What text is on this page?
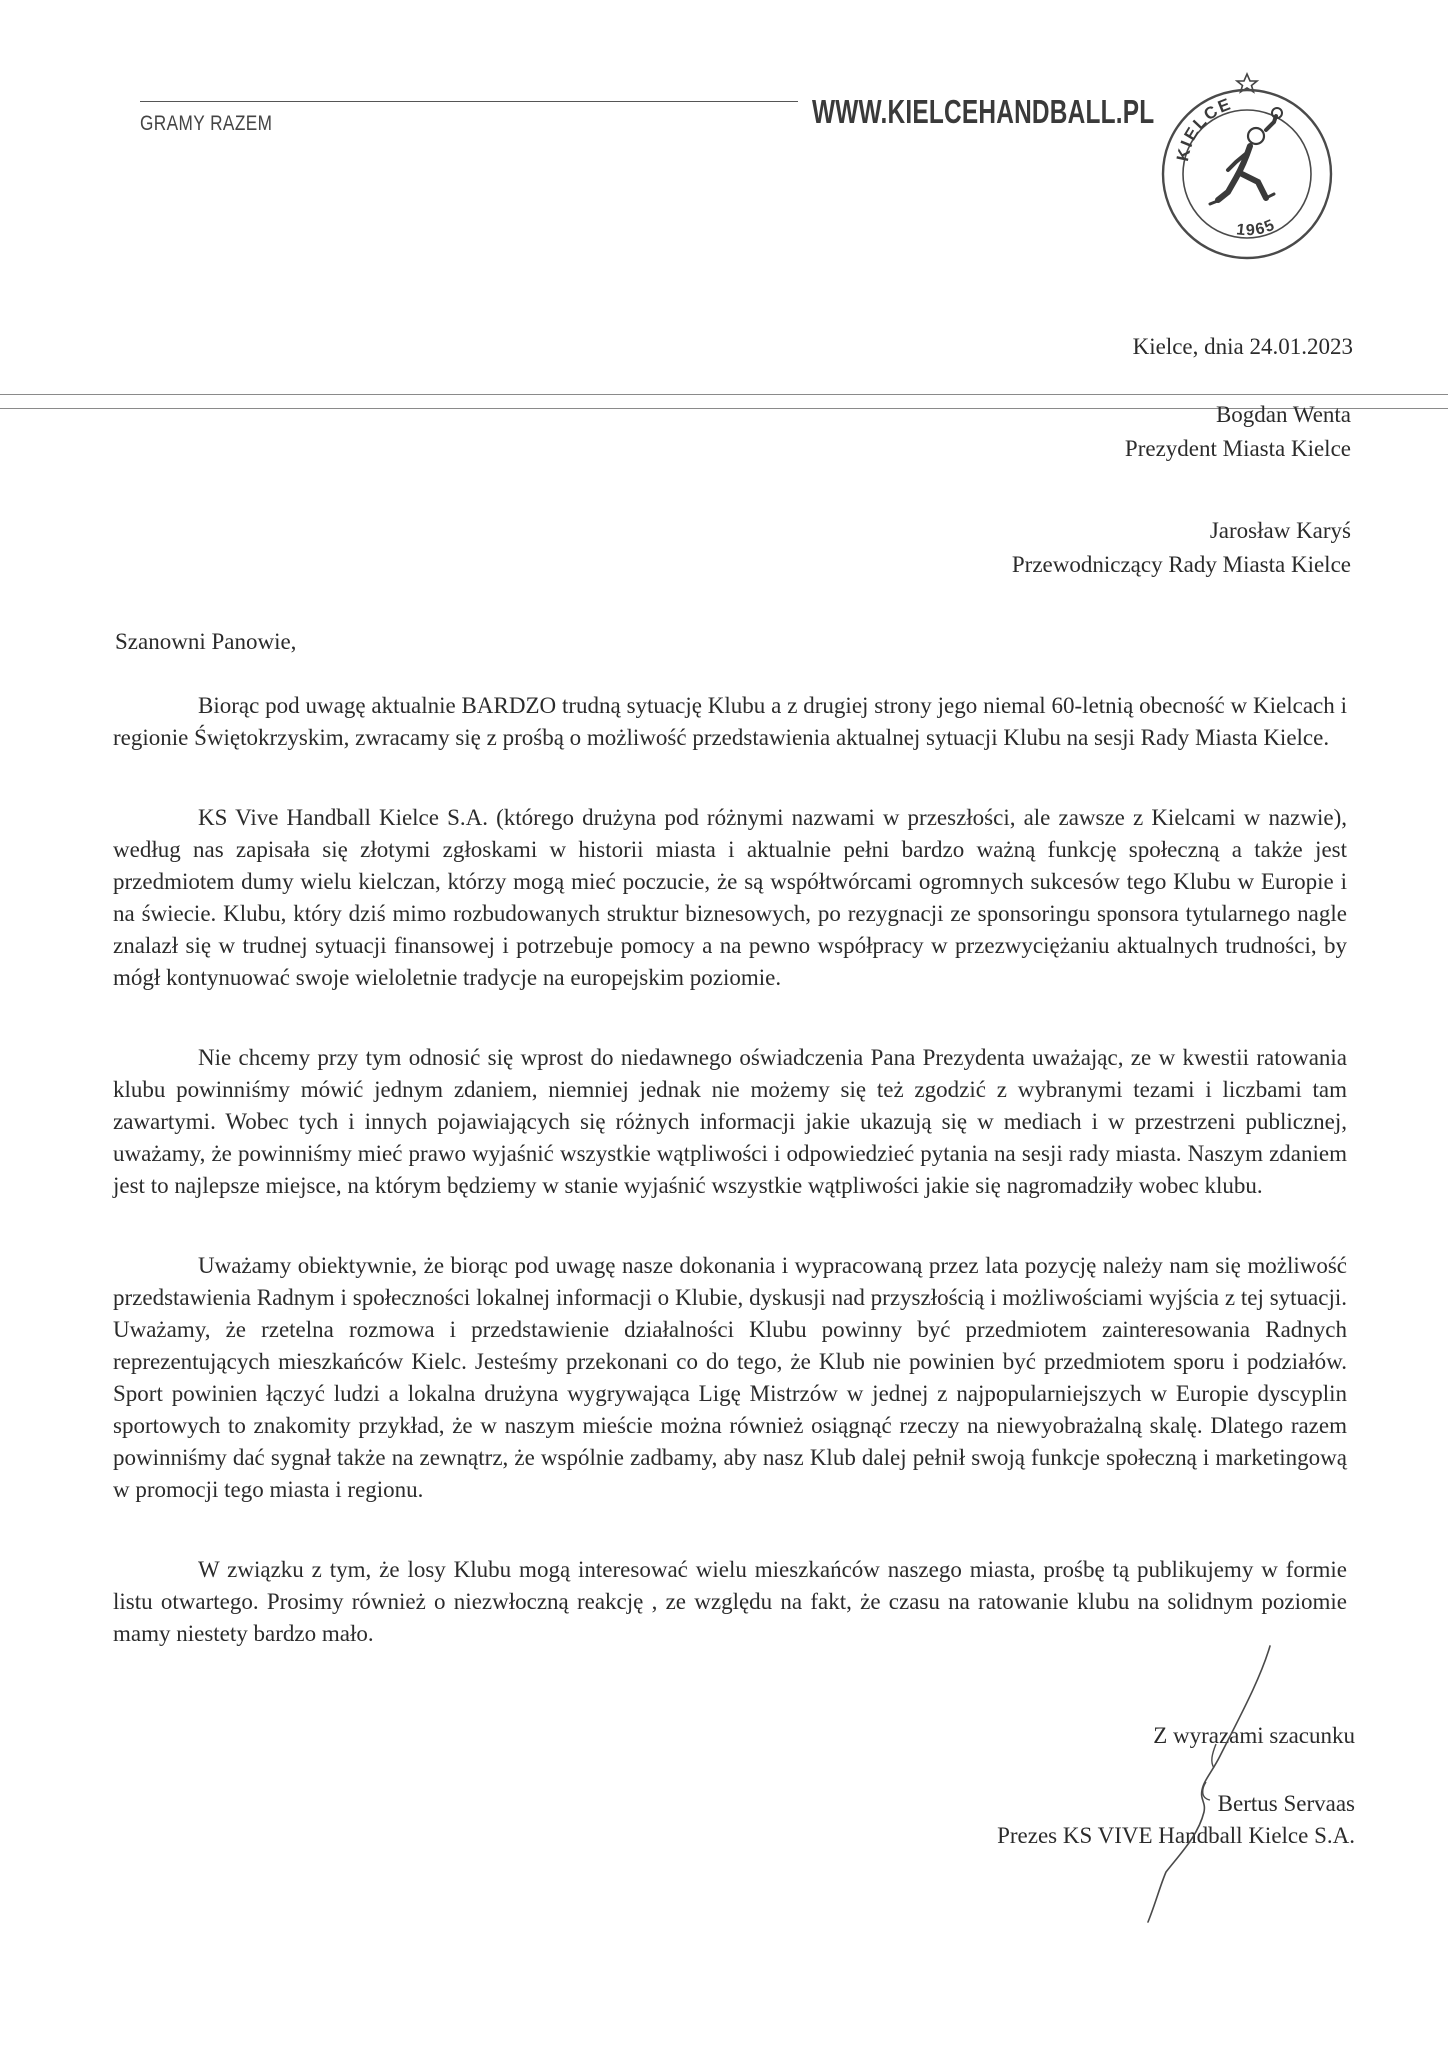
GRAMY RAZEM	WWW.KIELCEHANDBALL.PL
KIELCE
1965
Kielce, dnia 24.01.2023
Bogdan Wenta
Prezydent Miasta Kielce
Jarosław Karyś
Przewodniczący Rady Miasta Kielce
Szanowni Panowie,

Biorąc pod uwagę aktualnie BARDZO trudną sytuację Klubu a z drugiej strony jego niemal 60-letnią obecność w Kielcach i regionie Świętokrzyskim, zwracamy się z prośbą o możliwość przedstawienia aktualnej sytuacji Klubu na sesji Rady Miasta Kielce.

KS Vive Handball Kielce S.A. (którego drużyna pod różnymi nazwami w przeszłości, ale zawsze z Kielcami w nazwie), według nas zapisała się złotymi zgłoskami w historii miasta i aktualnie pełni bardzo ważną funkcję społeczną a także jest przedmiotem dumy wielu kielczan, którzy mogą mieć poczucie, że są współtwórcami ogromnych sukcesów tego Klubu w Europie i na świecie. Klubu, który dziś mimo rozbudowanych struktur biznesowych, po rezygnacji ze sponsoringu sponsora tytularnego nagle znalazł się w trudnej sytuacji finansowej i potrzebuje pomocy a na pewno współpracy w przezwyciężaniu aktualnych trudności, by mógł kontynuować swoje wieloletnie tradycje na europejskim poziomie.

Nie chcemy przy tym odnosić się wprost do niedawnego oświadczenia Pana Prezydenta uważając, ze w kwestii ratowania klubu powinniśmy mówić jednym zdaniem, niemniej jednak nie możemy się też zgodzić z wybranymi tezami i liczbami tam zawartymi. Wobec tych i innych pojawiających się różnych informacji jakie ukazują się w mediach i w przestrzeni publicznej, uważamy, że powinniśmy mieć prawo wyjaśnić wszystkie wątpliwości i odpowiedzieć pytania na sesji rady miasta. Naszym zdaniem jest to najlepsze miejsce, na którym będziemy w stanie wyjaśnić wszystkie wątpliwości jakie się nagromadziły wobec klubu.

Uważamy obiektywnie, że biorąc pod uwagę nasze dokonania i wypracowaną przez lata pozycję należy nam się możliwość przedstawienia Radnym i społeczności lokalnej informacji o Klubie, dyskusji nad przyszłością i możliwościami wyjścia z tej sytuacji. Uważamy, że rzetelna rozmowa i przedstawienie działalności Klubu powinny być przedmiotem zainteresowania Radnych reprezentujących mieszkańców Kielc. Jesteśmy przekonani co do tego, że Klub nie powinien być przedmiotem sporu i podziałów. Sport powinien łączyć ludzi a lokalna drużyna wygrywająca Ligę Mistrzów w jednej z najpopularniejszych w Europie dyscyplin sportowych to znakomity przykład, że w naszym mieście można również osiągnąć rzeczy na niewyobrażalną skalę. Dlatego razem powinniśmy dać sygnał także na zewnątrz, że wspólnie zadbamy, aby nasz Klub dalej pełnił swoją funkcje społeczną i marketingową w promocji tego miasta i regionu.

W związku z tym, że losy Klubu mogą interesować wielu mieszkańców naszego miasta, prośbę tą publikujemy w formie listu otwartego. Prosimy również o niezwłoczną reakcję , ze względu na fakt, że czasu na ratowanie klubu na solidnym poziomie mamy niestety bardzo mało.

Z wyrazami szacunku
Bertus Servaas
Prezes KS VIVE Handball Kielce S.A.
